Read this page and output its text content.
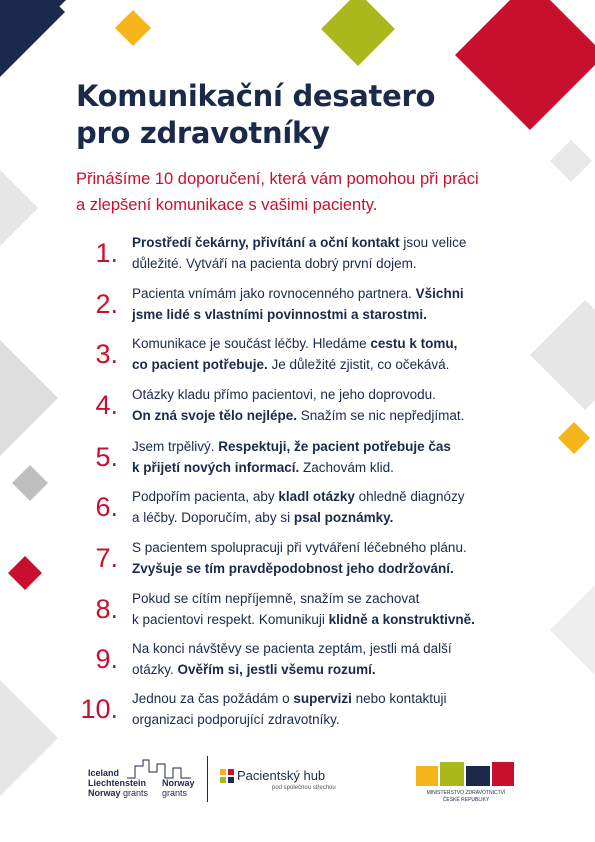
Komunikační desatero
pro zdravotníky
Přinášíme 10 doporučení, která vám pomohou při práci
a zlepšení komunikace s vašimi pacienty.
1. Prostředí čekárny, přivítání a oční kontakt jsou velice
důležité. Vytváří na pacienta dobrý první dojem.
2. Pacienta vnímám jako rovnocenného partnera. Všichni
jsme lidé s vlastními povinnostmi a starostmi.
3. Komunikace je součást léčby. Hledáme cestu k tomu,
co pacient potřebuje. Je důležité zjistit, co očekává.
4. Otázky kladu přímo pacientovi, ne jeho doprovodu.
On zná svoje tělo nejlépe. Snažím se nic nepředjímat.
5. Jsem trpělivý. Respektuji, že pacient potřebuje čas
k přijetí nových informací. Zachovám klid.
6. Podpořím pacienta, aby kladl otázky ohledně diagnózy
a léčby. Doporučím, aby si psal poznámky.
7. S pacientem spolupracuji při vytváření léčebného plánu.
Zvyšuje se tím pravděpodobnost jeho dodržování.
8. Pokud se cítím nepříjemně, snažím se zachovat
k pacientovi respekt. Komunikuji klidně a konstruktivně.
9. Na konci návštěvy se pacienta zeptám, jestli má další
otázky. Ověřím si, jestli všemu rozumí.
10. Jednou za čas požádám o supervizi nebo kontaktuji
organizaci podporující zdravotníky.
Iceland
Liechtenstein
Norway grants
Norway
grants
Pacientský hub
pod společnou střechou
MINISTERSTVO ZDRAVOTNICTVÍ
ČESKÉ REPUBLIKY
